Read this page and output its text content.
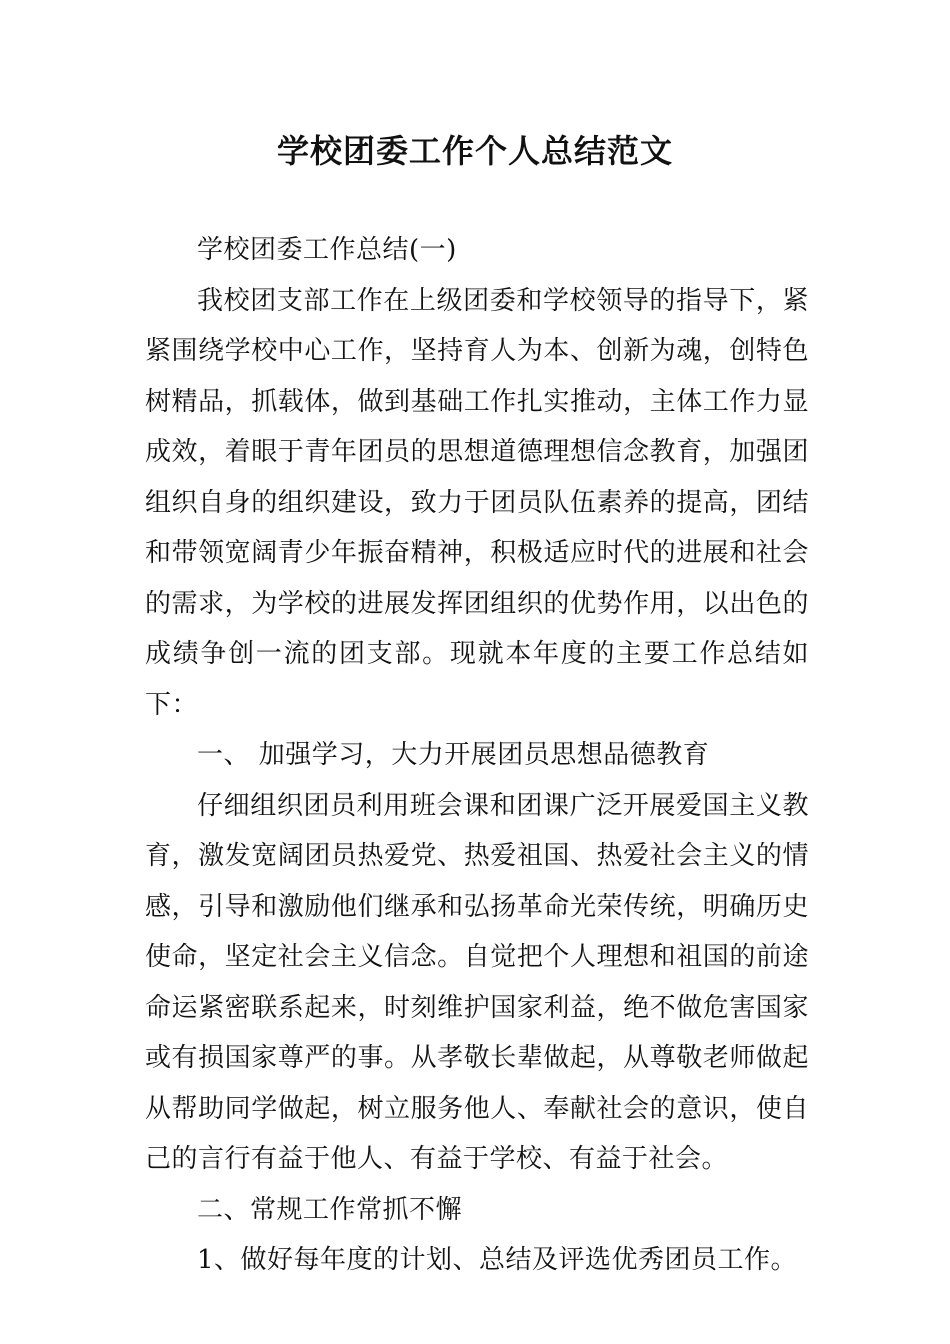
学校团委工作个人总结范文

学校团委工作总结(一)

我校团支部工作在上级团委和学校领导的指导下，紧紧围绕学校中心工作，坚持育人为本、创新为魂，创特色树精品，抓载体，做到基础工作扎实推动，主体工作力显成效，着眼于青年团员的思想道德理想信念教育，加强团组织自身的组织建设，致力于团员队伍素养的提高，团结和带领宽阔青少年振奋精神，积极适应时代的进展和社会的需求，为学校的进展发挥团组织的优势作用，以出色的成绩争创一流的团支部。现就本年度的主要工作总结如下：

一、 加强学习，大力开展团员思想品德教育

仔细组织团员利用班会课和团课广泛开展爱国主义教育，激发宽阔团员热爱党、热爱祖国、热爱社会主义的情感，引导和激励他们继承和弘扬革命光荣传统，明确历史使命，坚定社会主义信念。自觉把个人理想和祖国的前途命运紧密联系起来，时刻维护国家利益，绝不做危害国家或有损国家尊严的事。从孝敬长辈做起，从尊敬老师做起从帮助同学做起，树立服务他人、奉献社会的意识，使自己的言行有益于他人、有益于学校、有益于社会。

二、常规工作常抓不懈

1、做好每年度的计划、总结及评选优秀团员工作。
